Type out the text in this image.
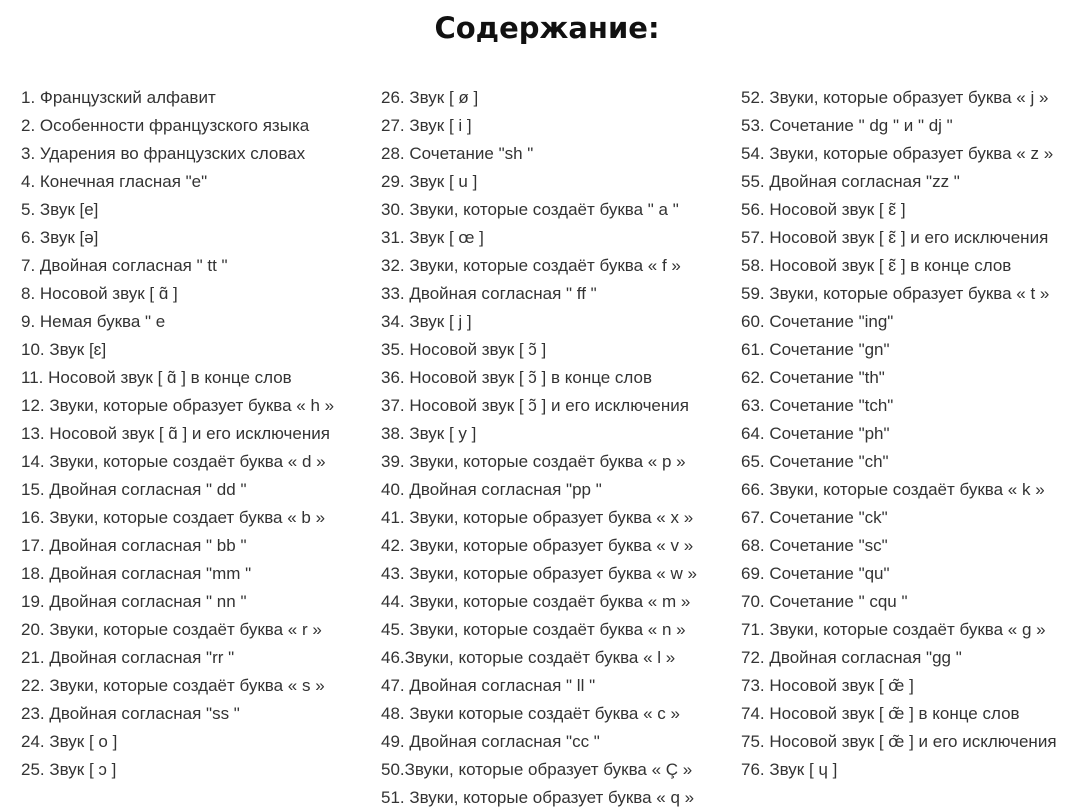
Содержание:
1. Французский алфавит
2. Особенности французского языка
3. Ударения во французских словах
4. Конечная гласная "e"
5. Звук [e]
6. Звук [ə]
7. Двойная согласная " tt "
8. Носовой звук [ ɑ̃ ]
9. Немая буква " e
10. Звук [ɛ]
11. Носовой звук [ ɑ̃ ] в конце слов
12. Звуки, которые образует буква « h »
13. Носовой звук [ ɑ̃ ] и его исключения
14. Звуки, которые создаёт буква « d »
15. Двойная согласная " dd "
16. Звуки, которые создает буква « b »
17. Двойная согласная " bb "
18. Двойная согласная "mm "
19. Двойная согласная " nn "
20. Звуки, которые создаёт буква « r »
21. Двойная согласная "rr "
22. Звуки, которые создаёт буква « s »
23. Двойная согласная "ss "
24. Звук [ o ]
25. Звук [ ɔ ]
26. Звук [ ø ]
27. Звук [ i ]
28. Сочетание "sh "
29. Звук [ u ]
30. Звуки, которые создаёт буква " a "
31. Звук [ œ ]
32. Звуки, которые создаёт буква « f »
33. Двойная согласная " ff "
34. Звук [ j ]
35. Носовой звук [ ɔ̃ ]
36. Носовой звук [ ɔ̃ ] в конце слов
37. Носовой звук [ ɔ̃ ] и его исключения
38. Звук [ y ]
39. Звуки, которые создаёт буква « p »
40. Двойная согласная "pp "
41. Звуки, которые образует буква « x »
42. Звуки, которые образует буква « v »
43. Звуки, которые образует буква « w »
44. Звуки, которые создаёт буква « m »
45. Звуки, которые создаёт буква « n »
46.Звуки, которые создаёт буква « l »
47. Двойная согласная " ll "
48. Звуки которые создаёт буква « c »
49. Двойная согласная "cc "
50.Звуки, которые образует буква « Ç »
51. Звуки, которые образует буква « q »
52. Звуки, которые образует буква « j »
53. Сочетание " dg " и " dj "
54. Звуки, которые образует буква « z »
55. Двойная согласная "zz "
56. Носовой звук [ ɛ̃ ]
57. Носовой звук [ ɛ̃ ] и его исключения
58. Носовой звук [ ɛ̃ ] в конце слов
59. Звуки, которые образует буква « t »
60. Сочетание "ing"
61. Сочетание "gn"
62. Сочетание "th"
63. Сочетание "tch"
64. Сочетание "ph"
65. Сочетание "ch"
66. Звуки, которые создаёт буква « k »
67. Сочетание "ck"
68. Сочетание "sc"
69. Сочетание "qu"
70. Сочетание " cqu "
71. Звуки, которые создаёт буква « g »
72. Двойная согласная "gg "
73. Носовой звук [ œ̃ ]
74. Носовой звук [ œ̃ ] в конце слов
75. Носовой звук [ œ̃ ] и его исключения
76. Звук [ ɥ ]
